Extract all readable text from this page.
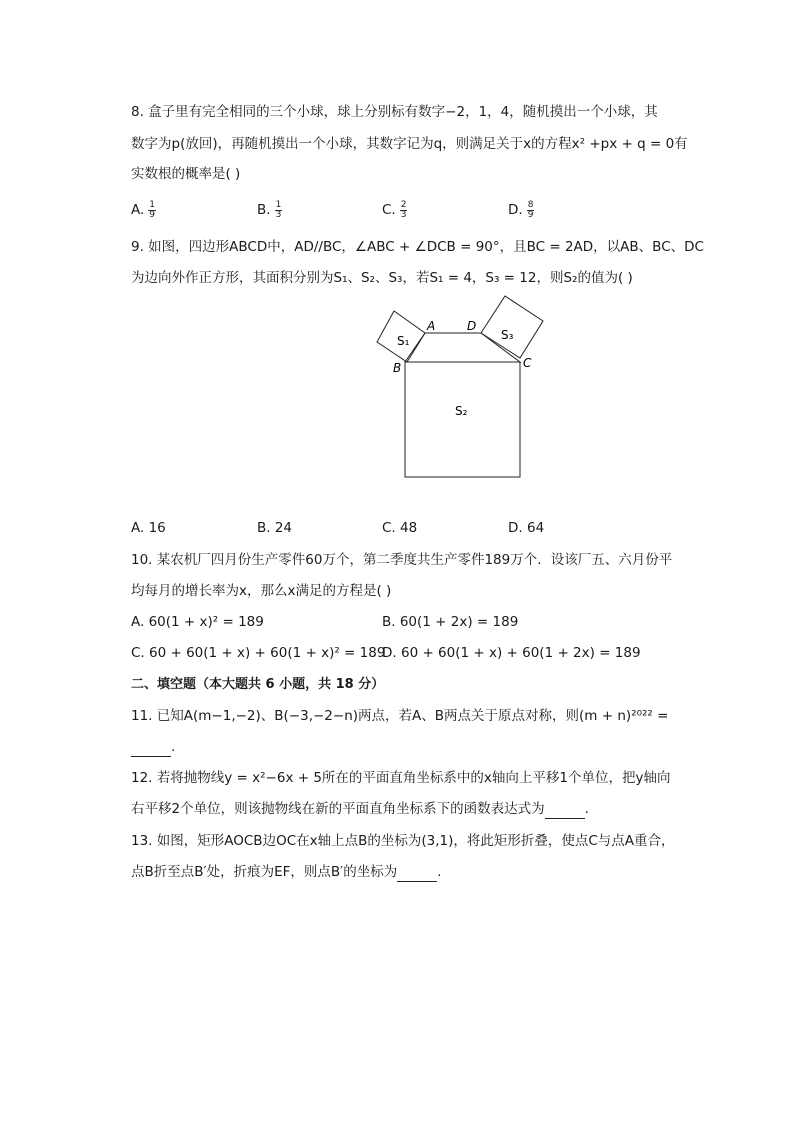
8. 盒子里有完全相同的三个小球，球上分别标有数字−2，1，4，随机摸出一个小球，其
数字为p(放回)，再随机摸出一个小球，其数字记为q，则满足关于x的方程x² +px + q = 0有
实数根的概率是( )
A. $\frac{1}{9}$	B. $\frac{1}{3}$	C. $\frac{2}{3}$	D. $\frac{8}{9}$
9. 如图，四边形ABCD中，AD//BC，∠ABC + ∠DCB = 90°，且BC = 2AD，以AB、BC、DC
为边向外作正方形，其面积分别为S₁、S₂、S₃，若S₁ = 4，S₃ = 12，则S₂的值为( )
A	D
B	C
S₁	S₃
S₂
A. 16	B. 24	C. 48	D. 64
10. 某农机厂四月份生产零件60万个，第二季度共生产零件189万个．设该厂五、六月份平
均每月的增长率为x，那么x满足的方程是( )
A. 60(1 + x)² = 189	B. 60(1 + 2x) = 189
C. 60 + 60(1 + x) + 60(1 + x)² = 189
D. 60 + 60(1 + x) + 60(1 + 2x) = 189
二、填空题（本大题共 6 小题，共 18 分）
11. 已知A(m−1,−2)、B(−3,−2−n)两点，若A、B两点关于原点对称，则(m + n)²⁰²² =
.
12. 若将抛物线y = x²−6x + 5所在的平面直角坐标系中的x轴向上平移1个单位，把y轴向
右平移2个单位，则该抛物线在新的平面直角坐标系下的函数表达式为	.
13. 如图，矩形AOCB边OC在x轴上点B的坐标为(3,1)，将此矩形折叠，使点C与点A重合，
点B折至点B′处，折痕为EF，则点B′的坐标为	.
